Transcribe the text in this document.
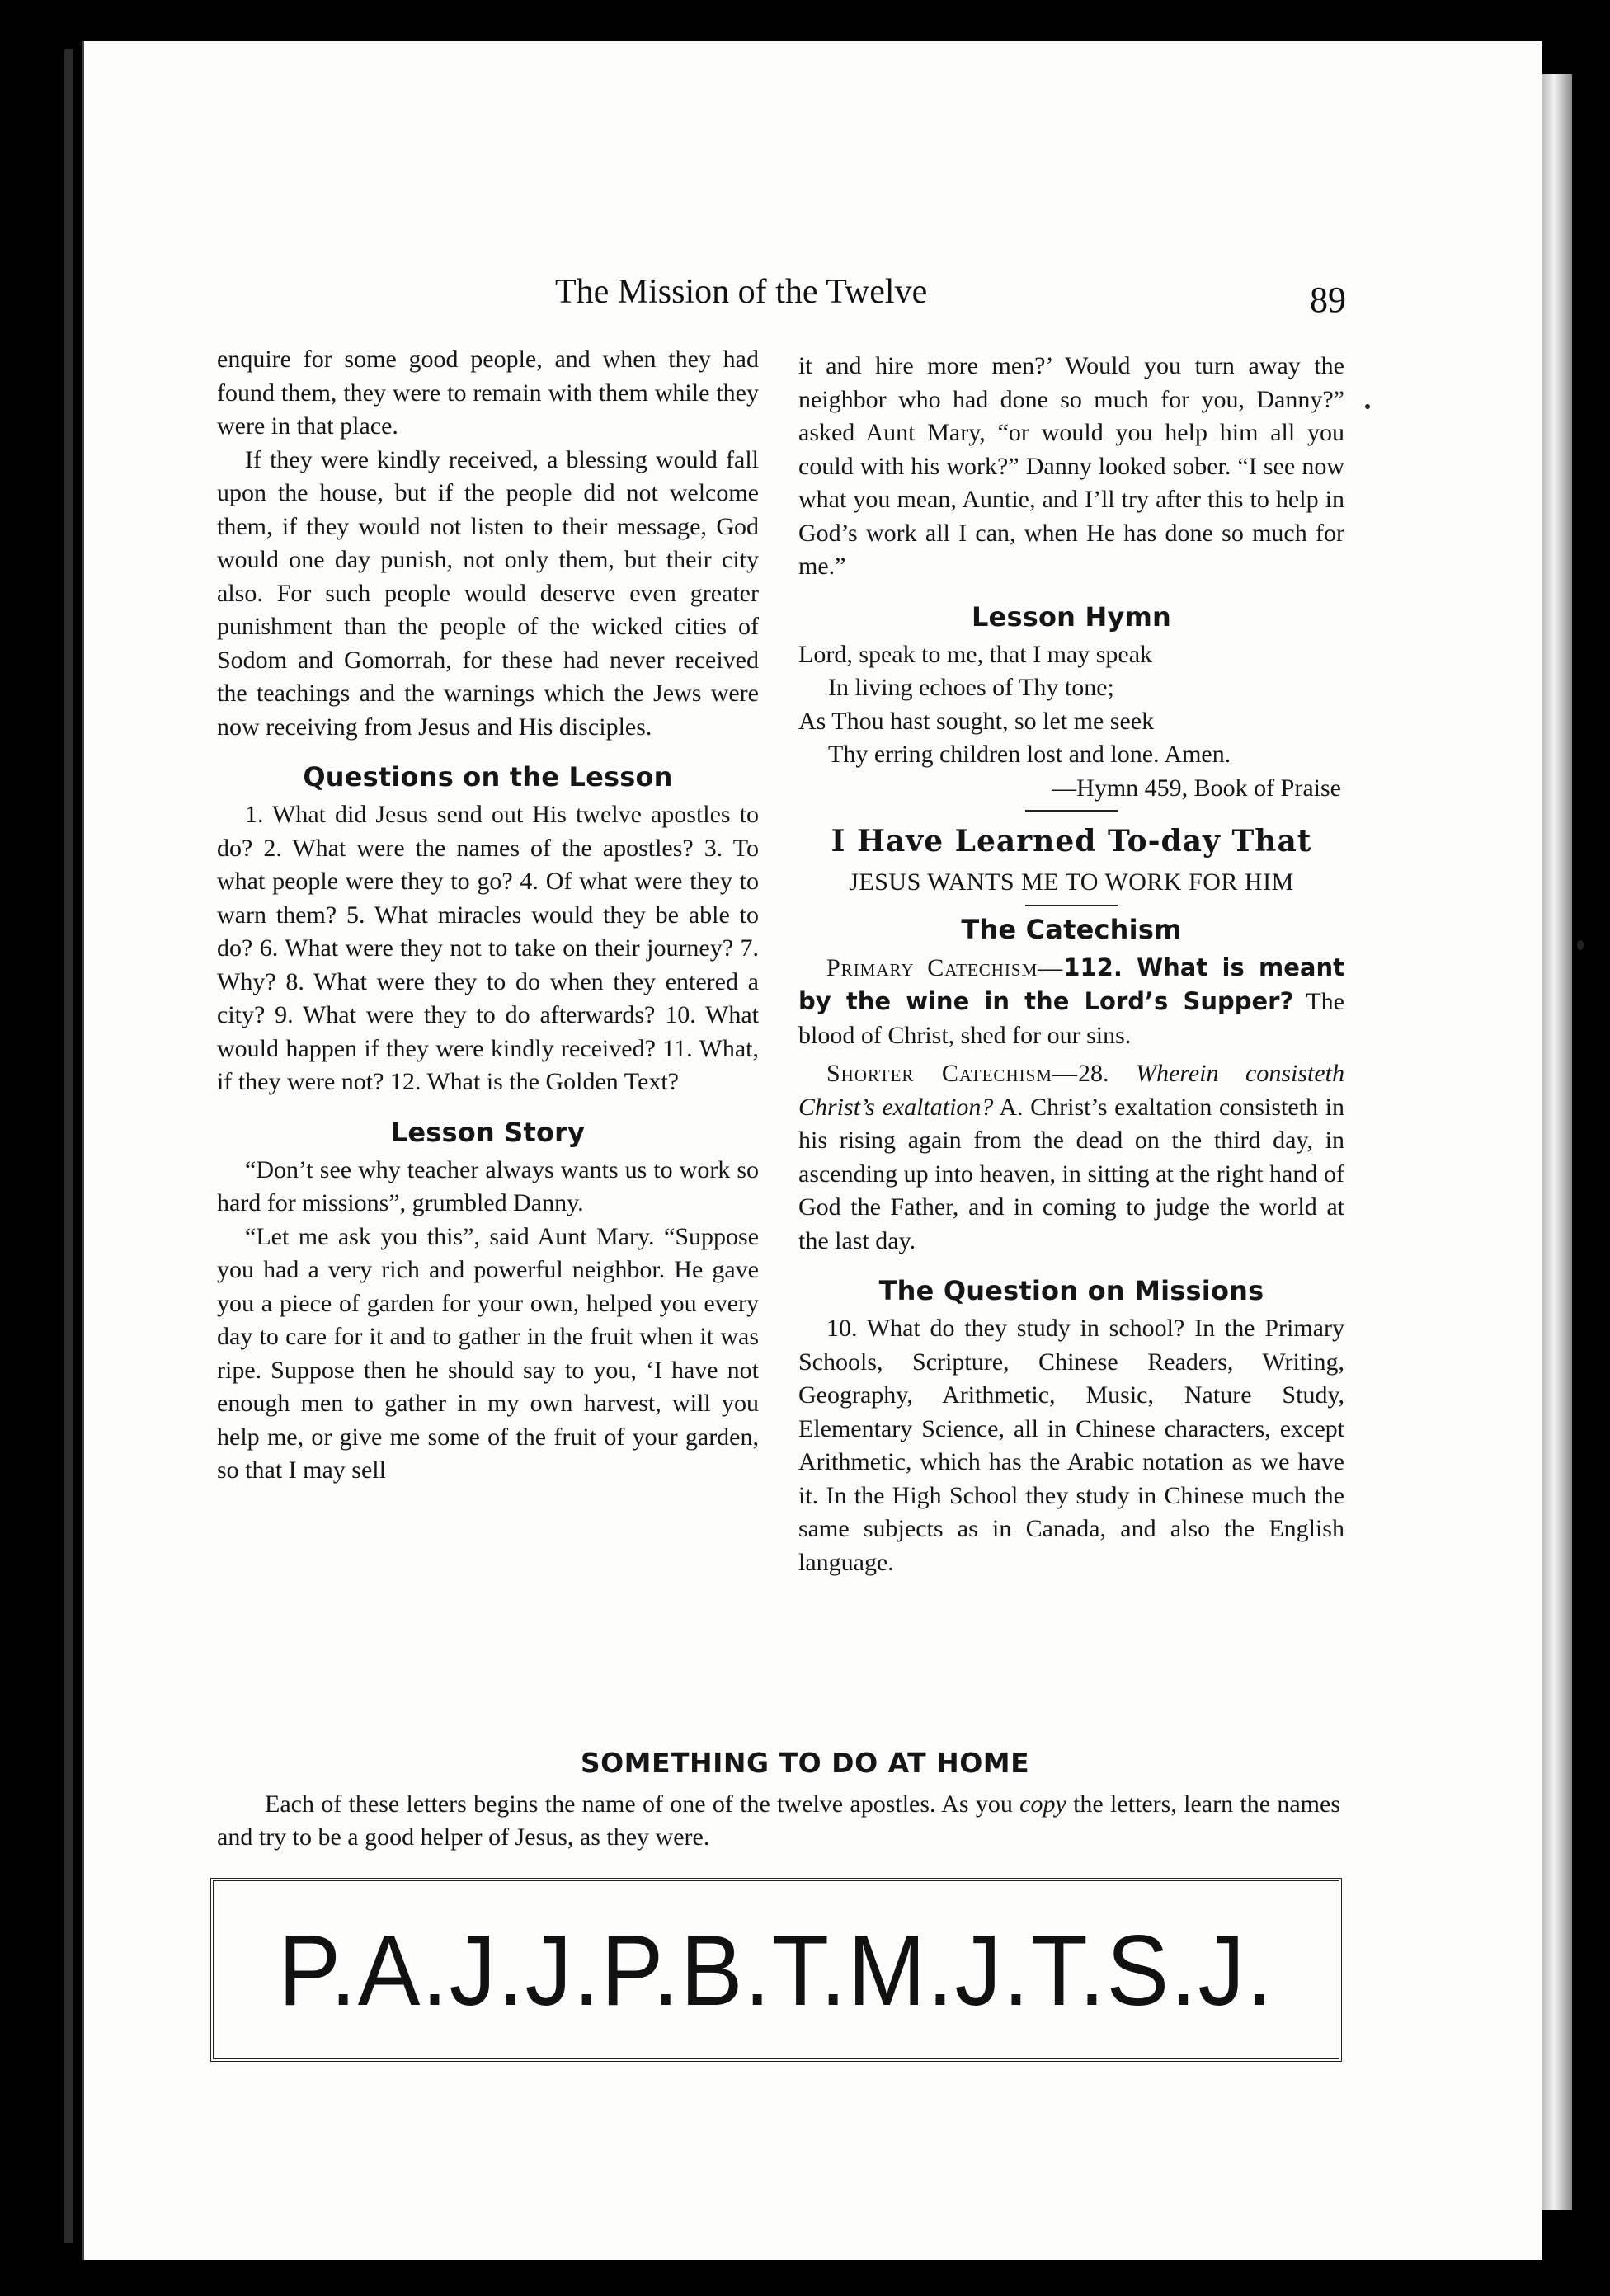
The Mission of the Twelve	89

enquire for some good people, and when they had found them, they were to remain with them while they were in that place.

If they were kindly received, a blessing would fall upon the house, but if the people did not welcome them, if they would not listen to their message, God would one day punish, not only them, but their city also. For such people would deserve even greater punishment than the people of the wicked cities of Sodom and Gomorrah, for these had never received the teachings and the warnings which the Jews were now receiving from Jesus and His disciples.

Questions on the Lesson

1. What did Jesus send out His twelve apostles to do? 2. What were the names of the apostles? 3. To what people were they to go? 4. Of what were they to warn them? 5. What miracles would they be able to do? 6. What were they not to take on their journey? 7. Why? 8. What were they to do when they entered a city? 9. What were they to do afterwards? 10. What would happen if they were kindly received? 11. What, if they were not? 12. What is the Golden Text?

Lesson Story

“Don’t see why teacher always wants us to work so hard for missions”, grumbled Danny.

“Let me ask you this”, said Aunt Mary. “Suppose you had a very rich and powerful neighbor. He gave you a piece of garden for your own, helped you every day to care for it and to gather in the fruit when it was ripe. Suppose then he should say to you, ‘I have not enough men to gather in my own harvest, will you help me, or give me some of the fruit of your garden, so that I may sell

it and hire more men?’ Would you turn away the neighbor who had done so much for you, Danny?” asked Aunt Mary, “or would you help him all you could with his work?” Danny looked sober. “I see now what you mean, Auntie, and I’ll try after this to help in God’s work all I can, when He has done so much for me.”

Lesson Hymn

Lord, speak to me, that I may speak

In living echoes of Thy tone;

As Thou hast sought, so let me seek

Thy erring children lost and lone. Amen.

—Hymn 459, Book of Praise

I Have Learned To-day That

JESUS WANTS ME TO WORK FOR HIM

The Catechism

Primary Catechism—112. What is meant by the wine in the Lord’s Supper? The blood of Christ, shed for our sins.

Shorter Catechism—28. Wherein consisteth Christ’s exaltation? A. Christ’s exaltation consisteth in his rising again from the dead on the third day, in ascending up into heaven, in sitting at the right hand of God the Father, and in coming to judge the world at the last day.

The Question on Missions

10. What do they study in school? In the Primary Schools, Scripture, Chinese Readers, Writing, Geography, Arithmetic, Music, Nature Study, Elementary Science, all in Chinese characters, except Arithmetic, which has the Arabic notation as we have it. In the High School they study in Chinese much the same subjects as in Canada, and also the English language.

SOMETHING TO DO AT HOME

Each of these letters begins the name of one of the twelve apostles. As you copy the letters, learn the names and try to be a good helper of Jesus, as they were.

P.A.J.J.P.B.T.M.J.T.S.J.
